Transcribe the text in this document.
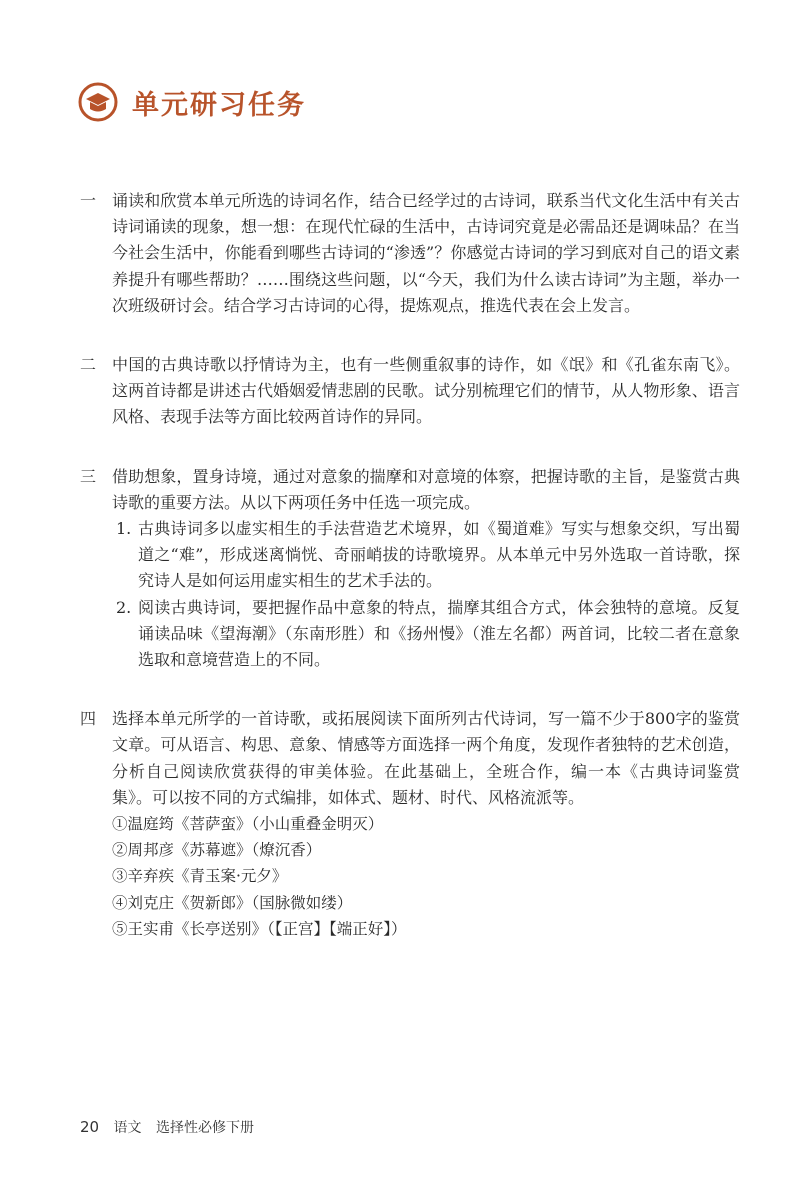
单元研习任务
一 诵读和欣赏本单元所选的诗词名作，结合已经学过的古诗词，联系当代文化生活中有关古诗词诵读的现象，想一想：在现代忙碌的生活中，古诗词究竟是必需品还是调味品？在当今社会生活中，你能看到哪些古诗词的“渗透”？你感觉古诗词的学习到底对自己的语文素养提升有哪些帮助？……围绕这些问题，以“今天，我们为什么读古诗词”为主题，举办一次班级研讨会。结合学习古诗词的心得，提炼观点，推选代表在会上发言。

二 中国的古典诗歌以抒情诗为主，也有一些侧重叙事的诗作，如《氓》和《孔雀东南飞》。这两首诗都是讲述古代婚姻爱情悲剧的民歌。试分别梳理它们的情节，从人物形象、语言风格、表现手法等方面比较两首诗作的异同。

三 借助想象，置身诗境，通过对意象的揣摩和对意境的体察，把握诗歌的主旨，是鉴赏古典诗歌的重要方法。从以下两项任务中任选一项完成。

1. 古典诗词多以虚实相生的手法营造艺术境界，如《蜀道难》写实与想象交织，写出蜀道之“难”，形成迷离惝恍、奇丽峭拔的诗歌境界。从本单元中另外选取一首诗歌，探究诗人是如何运用虚实相生的艺术手法的。
2. 阅读古典诗词，要把握作品中意象的特点，揣摩其组合方式，体会独特的意境。反复诵读品味《望海潮》（东南形胜）和《扬州慢》（淮左名都）两首词，比较二者在意象选取和意境营造上的不同。
四 选择本单元所学的一首诗歌，或拓展阅读下面所列古代诗词，写一篇不少于800字的鉴赏文章。可从语言、构思、意象、情感等方面选择一两个角度，发现作者独特的艺术创造，分析自己阅读欣赏获得的审美体验。在此基础上，全班合作，编一本《古典诗词鉴赏集》。可以按不同的方式编排，如体式、题材、时代、风格流派等。

①温庭筠《菩萨蛮》（小山重叠金明灭）
②周邦彦《苏幕遮》（燎沉香）
③辛弃疾《青玉案·元夕》
④刘克庄《贺新郎》（国脉微如缕）
⑤王实甫《长亭送别》（【正宫】【端正好】）
20 语文 选择性必修下册
